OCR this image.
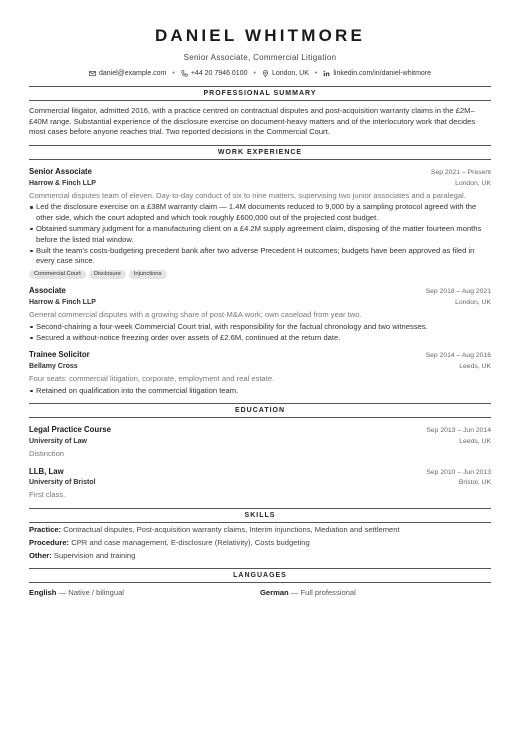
DANIEL WHITMORE
Senior Associate, Commercial Litigation
daniel@example.com • +44 20 7946 0100 • London, UK • linkedin.com/in/daniel-whitmore
PROFESSIONAL SUMMARY
Commercial litigator, admitted 2016, with a practice centred on contractual disputes and post-acquisition warranty claims in the £2M–£40M range. Substantial experience of the disclosure exercise on document-heavy matters and of the interlocutory work that decides most cases before anyone reaches trial. Two reported decisions in the Commercial Court.
WORK EXPERIENCE
Senior Associate	Sep 2021 – Present
Harrow & Finch LLP	London, UK
Commercial disputes team of eleven. Day-to-day conduct of six to nine matters, supervising two junior associates and a paralegal.
Led the disclosure exercise on a £38M warranty claim — 1.4M documents reduced to 9,000 by a sampling protocol agreed with the other side, which the court adopted and which took roughly £600,000 out of the projected cost budget.
Obtained summary judgment for a manufacturing client on a £4.2M supply agreement claim, disposing of the matter fourteen months before the listed trial window.
Built the team's costs-budgeting precedent bank after two adverse Precedent H outcomes; budgets have been approved as filed in every case since.
Commercial Court	Disclosure	Injunctions
Associate	Sep 2018 – Aug 2021
Harrow & Finch LLP	London, UK
General commercial disputes with a growing share of post-M&A work; own caseload from year two.
Second-chairing a four-week Commercial Court trial, with responsibility for the factual chronology and two witnesses.
Secured a without-notice freezing order over assets of £2.6M, continued at the return date.
Trainee Solicitor	Sep 2014 – Aug 2016
Bellamy Cross	Leeds, UK
Four seats: commercial litigation, corporate, employment and real estate.
Retained on qualification into the commercial litigation team.
EDUCATION
Legal Practice Course	Sep 2013 – Jun 2014
University of Law	Leeds, UK
Distinction
LLB, Law	Sep 2010 – Jun 2013
University of Bristol	Bristol, UK
First class.
SKILLS
Practice: Contractual disputes, Post-acquisition warranty claims, Interim injunctions, Mediation and settlement
Procedure: CPR and case management, E-disclosure (Relativity), Costs budgeting
Other: Supervision and training
LANGUAGES
English — Native / bilingual	German — Full professional
